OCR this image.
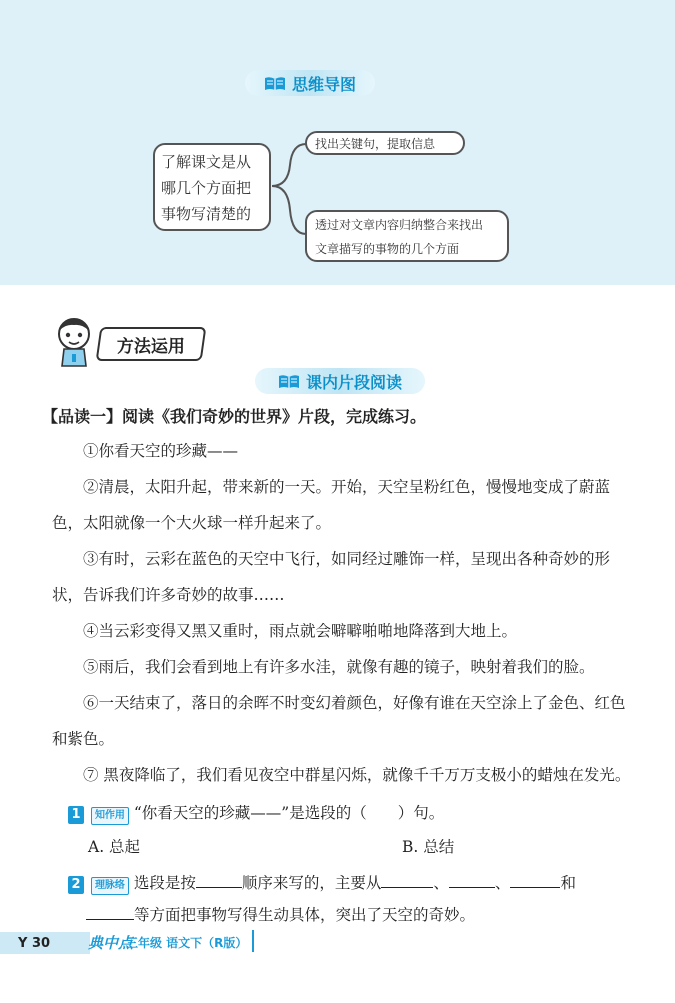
思维导图
了解课文是从
哪几个方面把
事物写清楚的
找出关键句，提取信息
透过对文章内容归纳整合来找出
文章描写的事物的几个方面
方法运用
课内片段阅读
【品读一】阅读《我们奇妙的世界》片段，完成练习。

①你看天空的珍藏——

②清晨，太阳升起，带来新的一天。开始，天空呈粉红色，慢慢地变成了蔚蓝色，太阳就像一个大火球一样升起来了。

③有时，云彩在蓝色的天空中飞行，如同经过雕饰一样，呈现出各种奇妙的形状，告诉我们许多奇妙的故事……

④当云彩变得又黑又重时，雨点就会噼噼啪啪地降落到大地上。

⑤雨后，我们会看到地上有许多水洼，就像有趣的镜子，映射着我们的脸。

⑥一天结束了，落日的余晖不时变幻着颜色，好像有谁在天空涂上了金色、红色和紫色。

⑦ 黑夜降临了，我们看见夜空中群星闪烁，就像千千万万支极小的蜡烛在发光。

1 知作用 “你看天空的珍藏——”是选段的（　　）句。
A. 总起	B. 总结
2 理脉络 选段是按	顺序来写的，主要从	、	、	和
等方面把事物写得生动具体，突出了天空的奇妙。
Y 30	典中点
三年级 语文下（R版）
